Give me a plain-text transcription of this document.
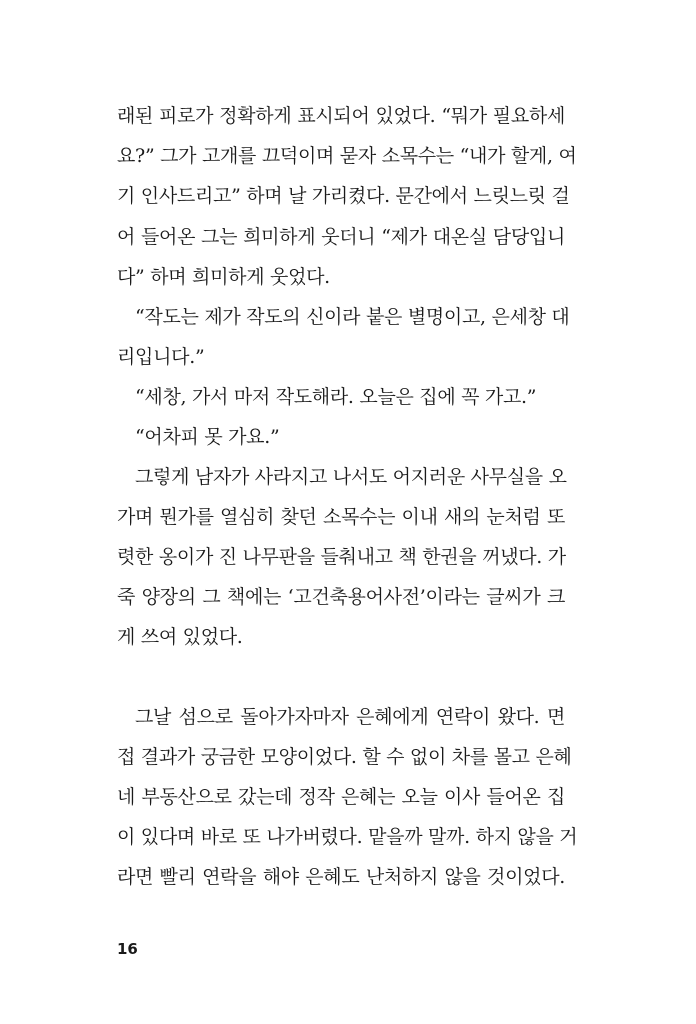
래된 피로가 정확하게 표시되어 있었다. “뭐가 필요하세
요?” 그가 고개를 끄덕이며 묻자 소목수는 “내가 할게, 여
기 인사드리고” 하며 날 가리켰다. 문간에서 느릿느릿 걸
어 들어온 그는 희미하게 웃더니 “제가 대온실 담당입니
다” 하며 희미하게 웃었다.
“작도는 제가 작도의 신이라 붙은 별명이고, 은세창 대
리입니다.”
“세창, 가서 마저 작도해라. 오늘은 집에 꼭 가고.”
“어차피 못 가요.”
그렇게 남자가 사라지고 나서도 어지러운 사무실을 오
가며 뭔가를 열심히 찾던 소목수는 이내 새의 눈처럼 또
렷한 옹이가 진 나무판을 들춰내고 책 한권을 꺼냈다. 가
죽 양장의 그 책에는 ‘고건축용어사전’이라는 글씨가 크
게 쓰여 있었다.
그날 섬으로 돌아가자마자 은혜에게 연락이 왔다. 면
접 결과가 궁금한 모양이었다. 할 수 없이 차를 몰고 은혜
네 부동산으로 갔는데 정작 은혜는 오늘 이사 들어온 집
이 있다며 바로 또 나가버렸다. 맡을까 말까. 하지 않을 거
라면 빨리 연락을 해야 은혜도 난처하지 않을 것이었다.
16
